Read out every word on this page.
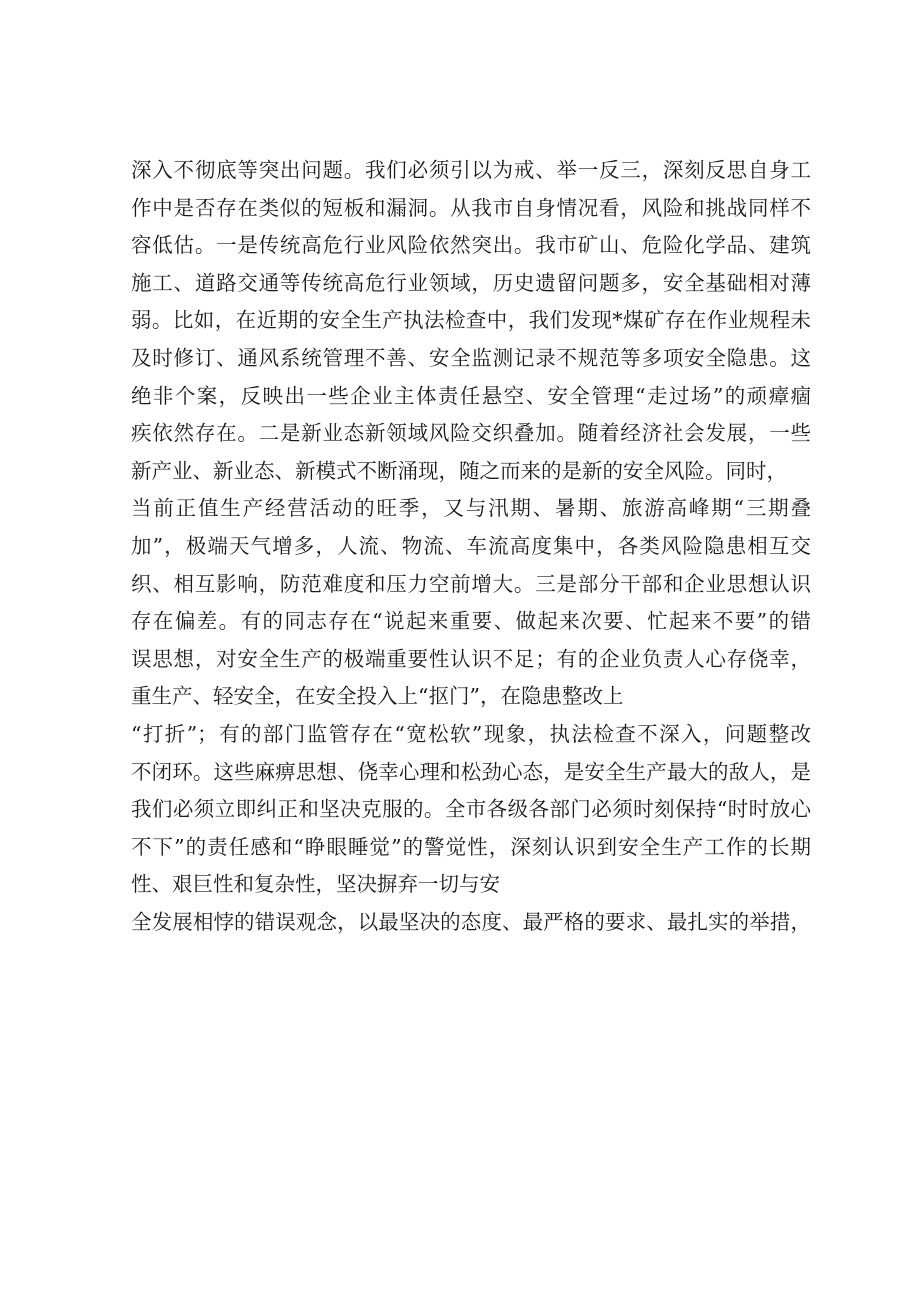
深入不彻底等突出问题。我们必须引以为戒、举一反三，深刻反思自身工
作中是否存在类似的短板和漏洞。从我市自身情况看，风险和挑战同样不
容低估。一是传统高危行业风险依然突出。我市矿山、危险化学品、建筑
施工、道路交通等传统高危行业领域，历史遗留问题多，安全基础相对薄
弱。比如，在近期的安全生产执法检查中，我们发现*煤矿存在作业规程未
及时修订、通风系统管理不善、安全监测记录不规范等多项安全隐患。这
绝非个案，反映出一些企业主体责任悬空、安全管理“走过场”的顽瘴痼
疾依然存在。二是新业态新领域风险交织叠加。随着经济社会发展，一些
新产业、新业态、新模式不断涌现，随之而来的是新的安全风险。同时，
当前正值生产经营活动的旺季，又与汛期、暑期、旅游高峰期“三期叠
加”，极端天气增多，人流、物流、车流高度集中，各类风险隐患相互交
织、相互影响，防范难度和压力空前增大。三是部分干部和企业思想认识
存在偏差。有的同志存在“说起来重要、做起来次要、忙起来不要”的错
误思想，对安全生产的极端重要性认识不足；有的企业负责人心存侥幸，
重生产、轻安全，在安全投入上“抠门”，在隐患整改上
“打折”；有的部门监管存在“宽松软”现象，执法检查不深入，问题整改
不闭环。这些麻痹思想、侥幸心理和松劲心态，是安全生产最大的敌人，是
我们必须立即纠正和坚决克服的。全市各级各部门必须时刻保持“时时放心
不下”的责任感和“睁眼睡觉”的警觉性，深刻认识到安全生产工作的长期
性、艰巨性和复杂性，坚决摒弃一切与安
全发展相悖的错误观念，以最坚决的态度、最严格的要求、最扎实的举措，
